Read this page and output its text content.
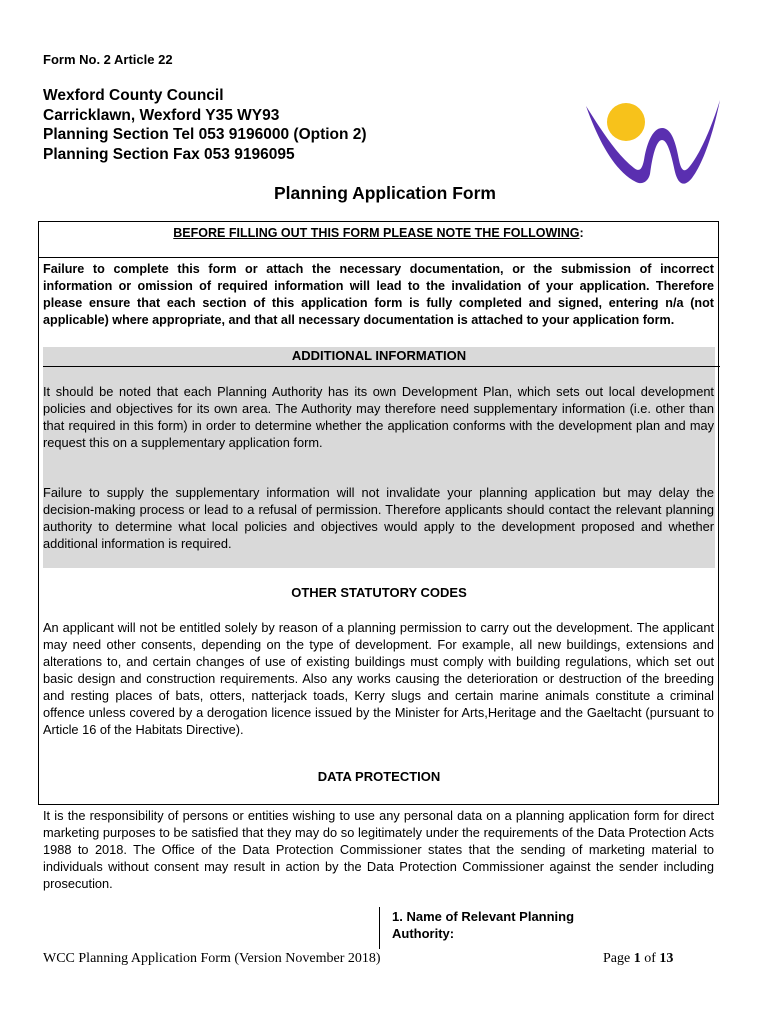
Form No. 2 Article 22
Wexford County Council
Carricklawn, Wexford Y35 WY93
Planning Section Tel 053 9196000 (Option 2)
Planning Section Fax 053 9196095
Planning Application Form
BEFORE FILLING OUT THIS FORM PLEASE NOTE THE FOLLOWING:
Failure to complete this form or attach the necessary documentation, or the submission of incorrect information or omission of required information will lead to the invalidation of your application. Therefore please ensure that each section of this application form is fully completed and signed, entering n/a (not applicable) where appropriate, and that all necessary documentation is attached to your application form.
ADDITIONAL INFORMATION
It should be noted that each Planning Authority has its own Development Plan, which sets out local development policies and objectives for its own area. The Authority may therefore need supplementary information (i.e. other than that required in this form) in order to determine whether the application conforms with the development plan and may request this on a supplementary application form.
Failure to supply the supplementary information will not invalidate your planning application but may delay the decision-making process or lead to a refusal of permission. Therefore applicants should contact the relevant planning authority to determine what local policies and objectives would apply to the development proposed and whether additional information is required.
OTHER STATUTORY CODES
An applicant will not be entitled solely by reason of a planning permission to carry out the development. The applicant may need other consents, depending on the type of development. For example, all new buildings, extensions and alterations to, and certain changes of use of existing buildings must comply with building regulations, which set out basic design and construction requirements. Also any works causing the deterioration or destruction of the breeding and resting places of bats, otters, natterjack toads, Kerry slugs and certain marine animals constitute a criminal offence unless covered by a derogation licence issued by the Minister for Arts,Heritage and the Gaeltacht (pursuant to Article 16 of the Habitats Directive).
DATA PROTECTION
It is the responsibility of persons or entities wishing to use any personal data on a planning application form for direct marketing purposes to be satisfied that they may do so legitimately under the requirements of the Data Protection Acts 1988 to 2018. The Office of the Data Protection Commissioner states that the sending of marketing material to individuals without consent may result in action by the Data Protection Commissioner against the sender including prosecution.
1. Name of Relevant Planning
Authority:
WCC Planning Application Form (Version November 2018)	Page 1 of 13
